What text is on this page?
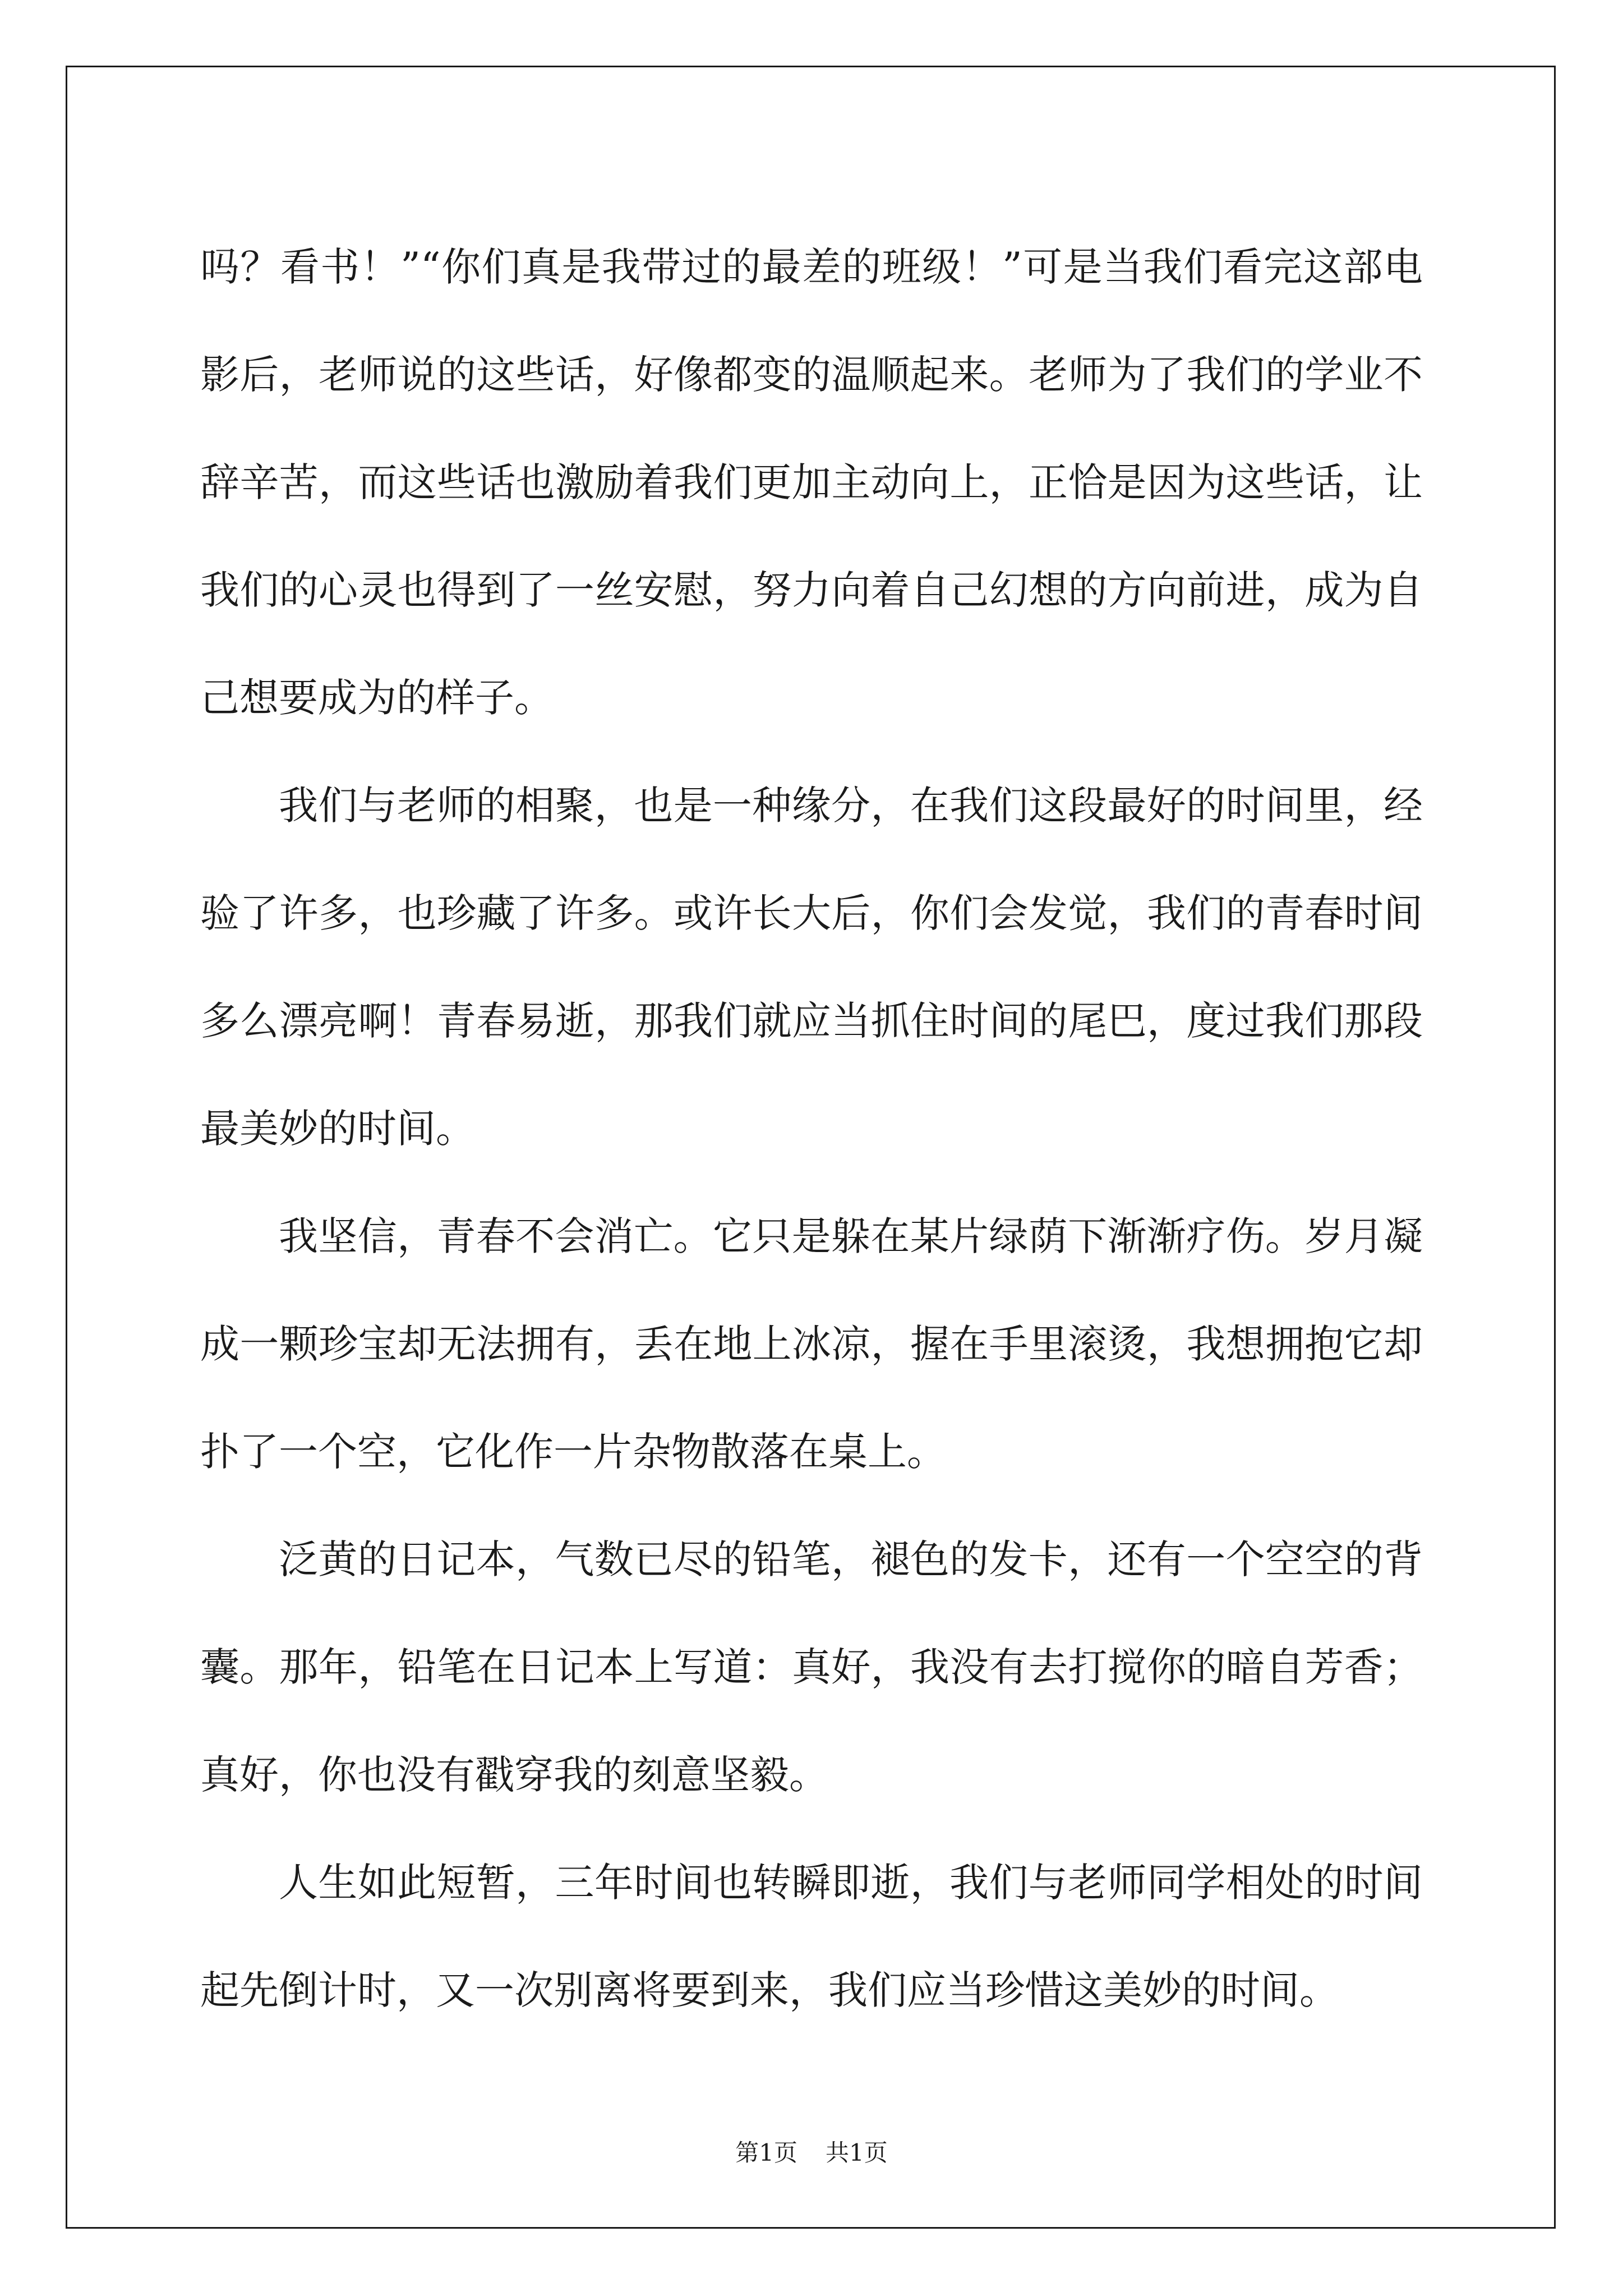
吗？看书！”“你们真是我带过的最差的班级！”可是当我们看完这部电影后，老师说的这些话，好像都变的温顺起来。老师为了我们的学业不辞辛苦，而这些话也激励着我们更加主动向上，正恰是因为这些话，让我们的心灵也得到了一丝安慰，努力向着自己幻想的方向前进，成为自己想要成为的样子。

我们与老师的相聚，也是一种缘分，在我们这段最好的时间里，经验了许多，也珍藏了许多。或许长大后，你们会发觉，我们的青春时间多么漂亮啊！青春易逝，那我们就应当抓住时间的尾巴，度过我们那段最美妙的时间。

我坚信，青春不会消亡。它只是躲在某片绿荫下渐渐疗伤。岁月凝成一颗珍宝却无法拥有，丢在地上冰凉，握在手里滚烫，我想拥抱它却扑了一个空，它化作一片杂物散落在桌上。

泛黄的日记本，气数已尽的铅笔，褪色的发卡，还有一个空空的背囊。那年，铅笔在日记本上写道：真好，我没有去打搅你的暗自芳香；真好，你也没有戳穿我的刻意坚毅。

人生如此短暂，三年时间也转瞬即逝，我们与老师同学相处的时间起先倒计时，又一次别离将要到来，我们应当珍惜这美妙的时间。

第1页 共1页
